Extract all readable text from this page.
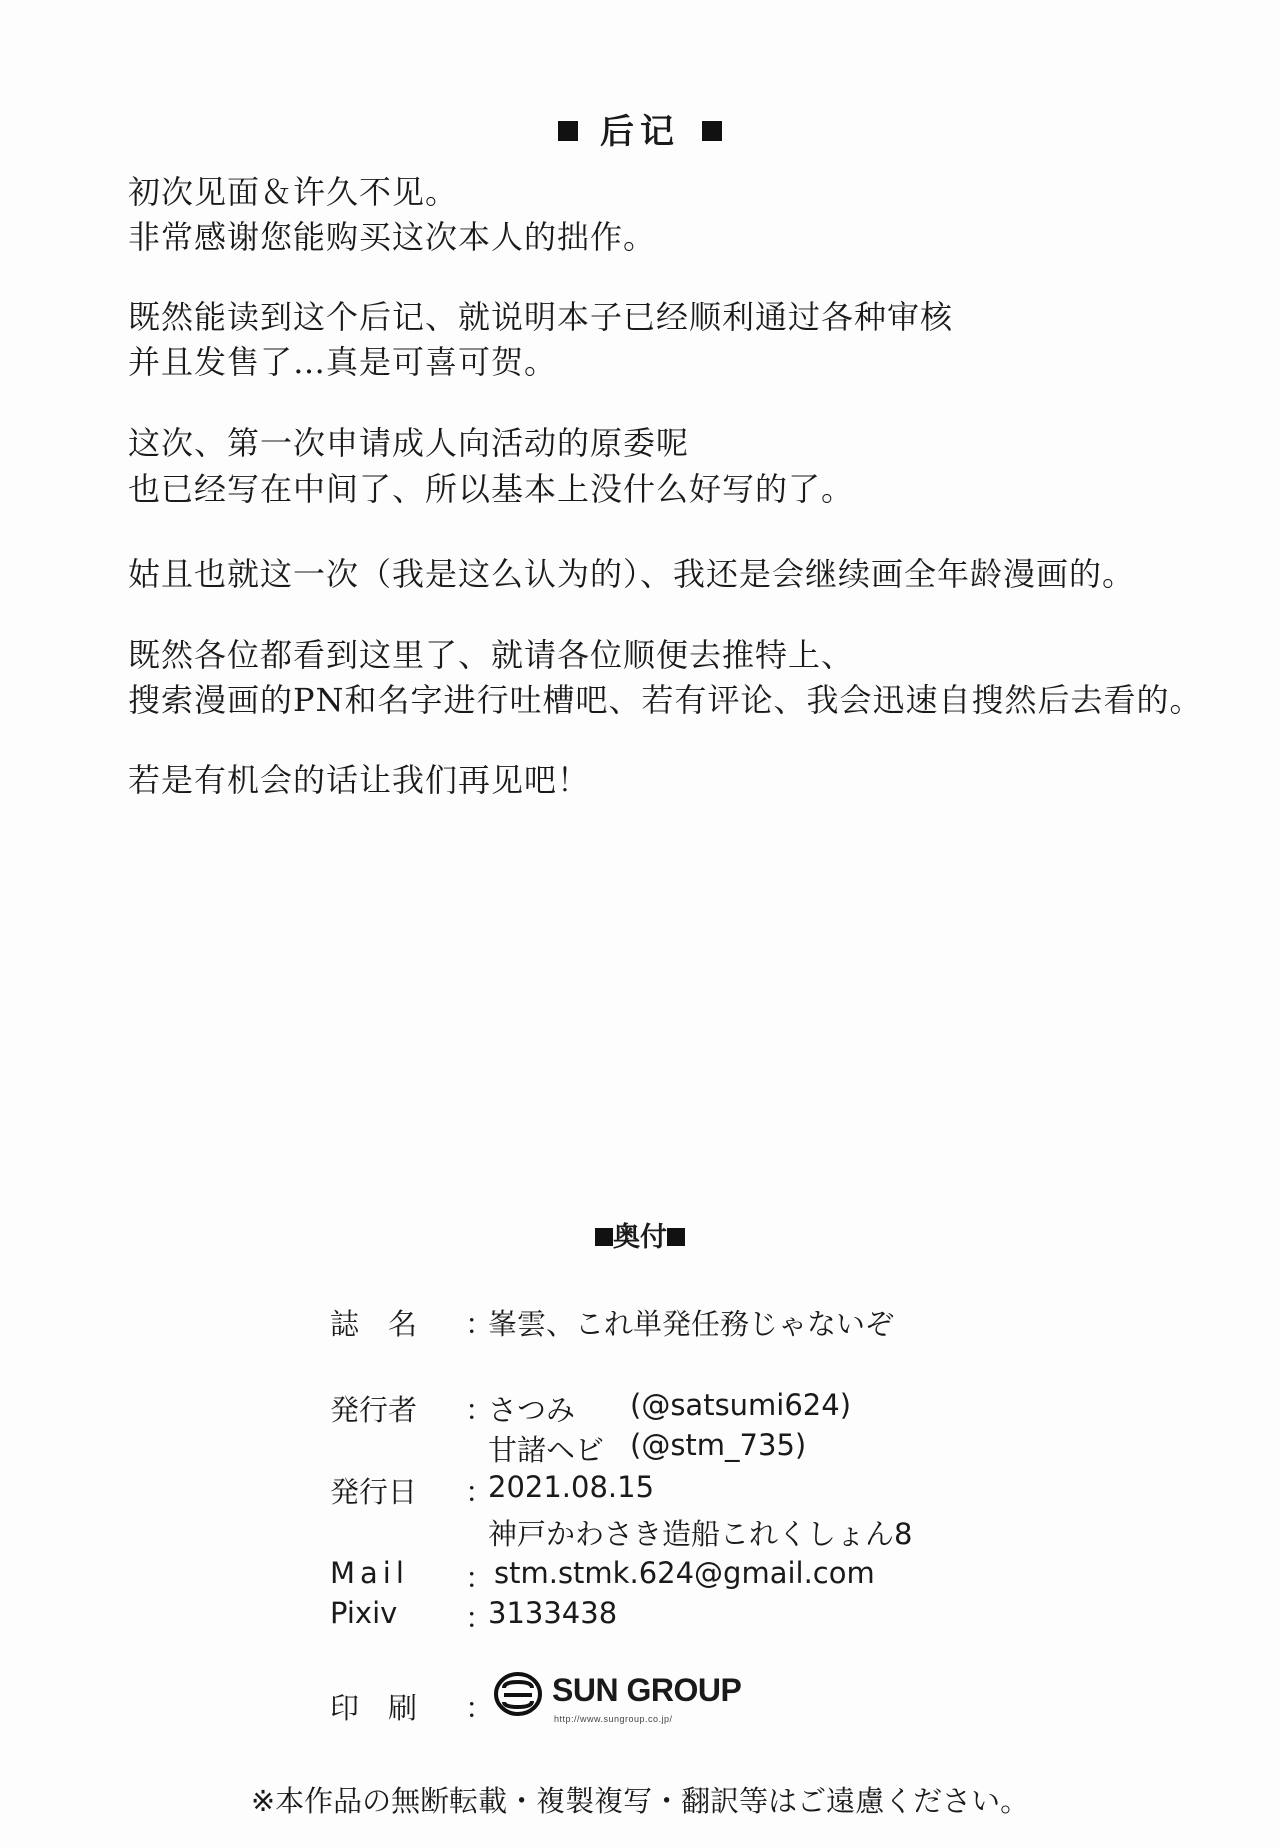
后记
初次见面＆许久不见。
非常感谢您能购买这次本人的拙作。
既然能读到这个后记、就说明本子已经顺利通过各种审核
并且发售了…真是可喜可贺。
这次、第一次申请成人向活动的原委呢
也已经写在中间了、所以基本上没什么好写的了。
姑且也就这一次（我是这么认为的）、我还是会继续画全年龄漫画的。
既然各位都看到这里了、就请各位顺便去推特上、
搜索漫画的PN和名字进行吐槽吧、若有评论、我会迅速自搜然后去看的。
若是有机会的话让我们再见吧！
奥付
誌　名 ：
峯雲、これ単発任務じゃないぞ
発行者 ：
さつみ (@satsumi624)
甘諸ヘビ (@stm_735)
発行日 ：
2021.08.15
神戸かわさき造船これくしょん8
Mail ： stm.stmk.624@gmail.com
Pixiv ：
3133438
印　刷 ： SUN GROUP
http://www.sungroup.co.jp/
※本作品の無断転載・複製複写・翻訳等はご遠慮ください。
